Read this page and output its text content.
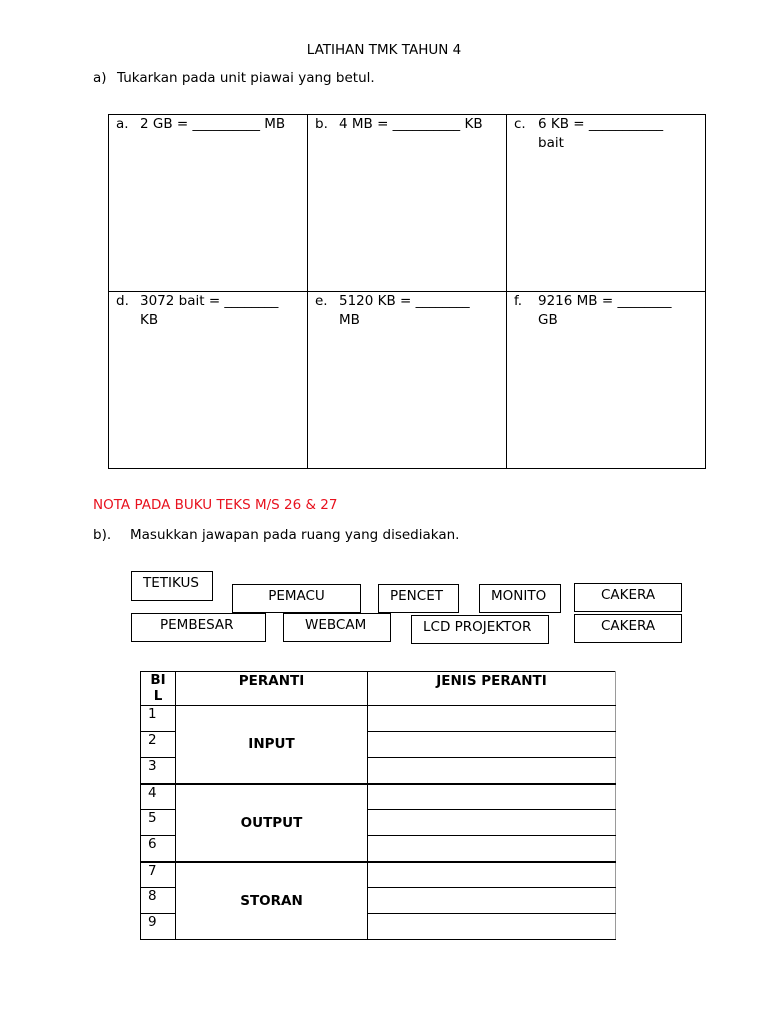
LATIHAN TMK TAHUN 4
a) Tukarkan pada unit piawai yang betul.
a. 2 GB = __________ MB	b. 4 MB = __________ KB	c. 6 KB = ___________ bait

d. 3072 bait = ________ KB	e. 5120 KB = ________ MB	f. 9216 MB = ________ GB
NOTA PADA BUKU TEKS M/S 26 & 27
b). Masukkan jawapan pada ruang yang disediakan.
TETIKUS
PEMACU	PENCET	MONITO	CAKERA
PEMBESAR	WEBCAM	LCD PROJEKTOR	CAKERA
BI
L	PERANTI	JENIS PERANTI
1	INPUT	
2		
3		
4	OUTPUT	
5		
6		
7	STORAN	
8		
9		
